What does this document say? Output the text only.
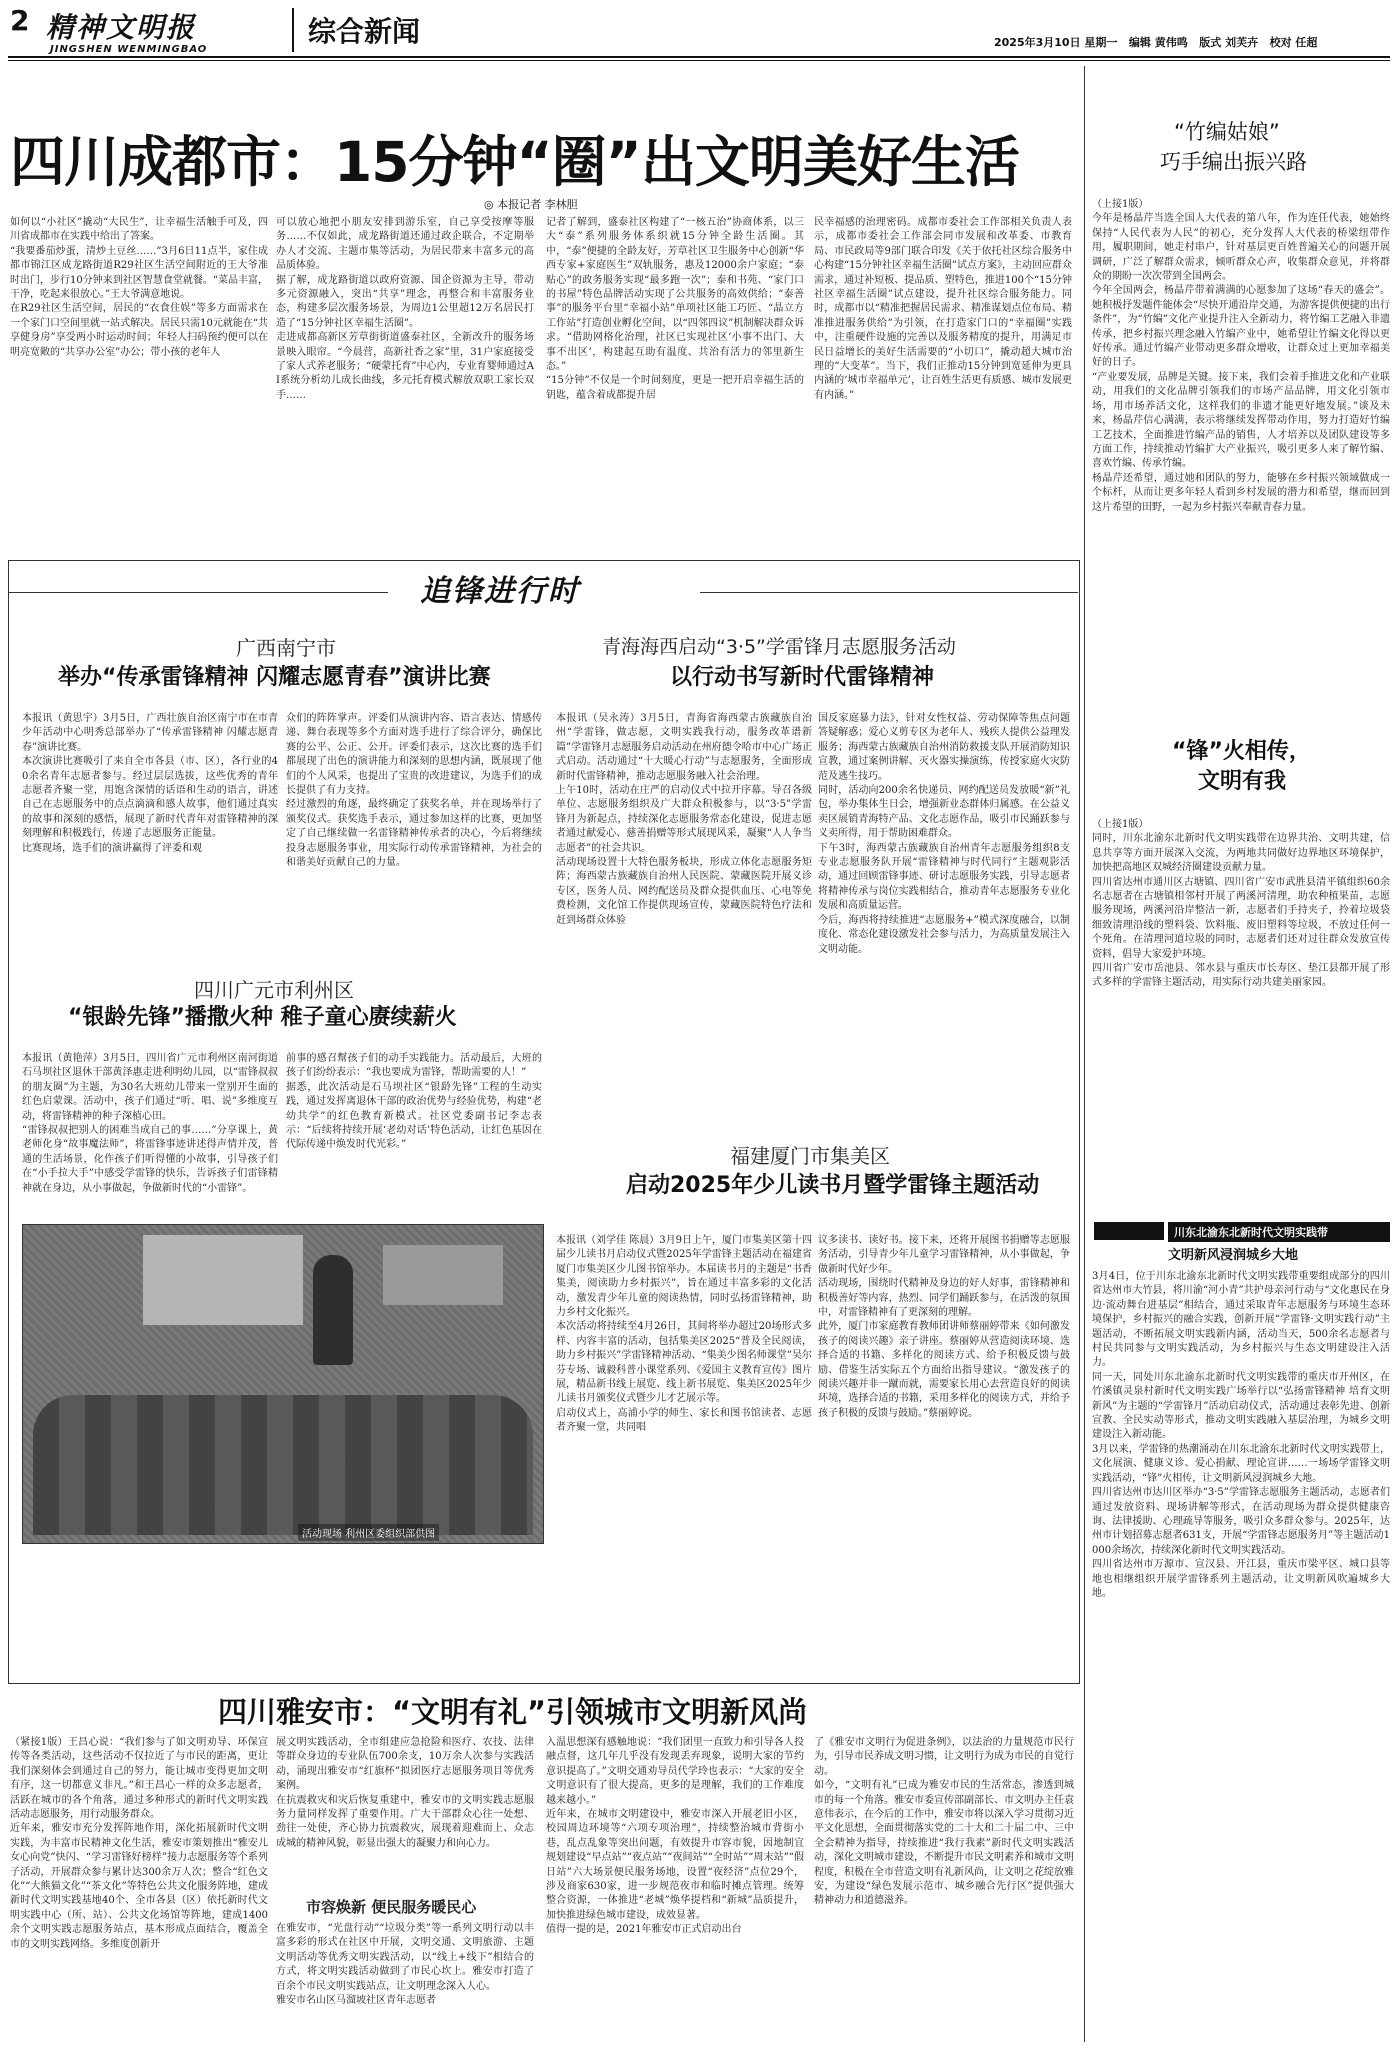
2 精神文明报
JINGSHEN WENMINGBAO
综合新闻	2025年3月10日 星期一 编辑 黄伟鸣 版式 刘芙卉 校对 任超
四川成都市：15分钟“圈”出文明美好生活
◎ 本报记者 李林胆
如何以“小社区”撬动“大民生”，让幸福生活触手可及，四川省成都市在实践中给出了答案。
“我要番茄炒蛋，清炒土豆丝……”3月6日11点半，家住成都市锦江区成龙路街道R29社区生活空间附近的王大爷准时出门，步行10分钟来到社区智慧食堂就餐。“菜品丰富，干净，吃起来很放心。”王大爷满意地说。
在R29社区生活空间，居民的“衣食住娱”等多方面需求在一个家门口空间里就一站式解决。居民只需10元就能在“共享健身房”享受两小时运动时间；年轻人扫码预约便可以在明亮宽敞的“共享办公室”办公；带小孩的老年人
可以放心地把小朋友安排到游乐室，自己享受按摩等服务……不仅如此，成龙路街道还通过政企联合，不定期举办人才交流、主题市集等活动，为居民带来丰富多元的高品质体验。
据了解，成龙路街道以政府资源、国企资源为主导，带动多元资源融入，突出“共享”理念，再整合和丰富服务业态，构建多层次服务场景，为周边1公里超12万名居民打造了“15分钟社区幸福生活圈”。
走进成都高新区芳草街街道盛泰社区，全新改升的服务场景映入眼帘。“今晨营，高新社香之家”里，31户家庭接受了家人式养老服务；“硬蒙托育”中心内，专业育婴师通过AI系统分析幼儿成长曲线，多元托育模式解放双职工家长双手……
记者了解到，盛泰社区构建了“一核五治”协商体系，以三大“泰”系列服务体系织就15分钟全龄生活圈。其中，“泰”便捷的全龄友好，芳草社区卫生服务中心创新“华西专家+家庭医生”双轨服务，惠及12000余户家庭；“泰贴心”的政务服务实现“最多跑一次”；泰和书苑、“家门口的书屋”特色品牌活动实现了公共服务的高效供给；“泰善事”的服务平台里“幸福小站”单项社区能工巧匠、“晶立方工作站”打造创业孵化空间，以“四邻四议”机制解决群众诉求。“借助网格化治理，社区已实现社区‘小事不出门、大事不出区’，构建起互助有温度、共治有活力的邻里新生态。”
“15分钟”不仅是一个时间刻度，更是一把开启幸福生活的钥匙，蕴含着成都提升居
民幸福感的治理密码。成都市委社会工作部相关负责人表示，成都市委社会工作部会同市发展和改革委、市教育局、市民政局等9部门联合印发《关于依托社区综合服务中心构建“15分钟社区幸福生活圈”试点方案》，主动回应群众需求，通过补短板、提品质、塑特色，推进100个“15分钟社区幸福生活圈”试点建设，提升社区综合服务能力。同时，成都市以“精准把握居民需求、精准谋划点位布局、精准推进服务供给”为引领，在打造家门口的“幸福圈”实践中，注重硬件设施的完善以及服务精度的提升，用满足市民日益增长的美好生活需要的“小切口”，撬动超大城市治理的“大变革”。当下，我们正推动15分钟到宽延伸为更具内涵的‘城市幸福单元’，让百姓生活更有质感、城市发展更有内涵。”
追锋进行时
广西南宁市
举办“传承雷锋精神 闪耀志愿青春”演讲比赛
本报讯（黄思宇）3月5日，广西壮族自治区南宁市在市青少年活动中心明秀总部举办了“传承雷锋精神 闪耀志愿青春”演讲比赛。
本次演讲比赛吸引了来自全市各县（市、区），各行业的40余名青年志愿者参与。经过层层选拔，这些优秀的青年志愿者齐聚一堂，用饱含深情的话语和生动的语言，讲述自己在志愿服务中的点点滴滴和感人故事，他们通过真实的故事和深刻的感悟，展现了新时代青年对雷锋精神的深刻理解和积极践行，传递了志愿服务正能量。
比赛现场，选手们的演讲赢得了评委和观
众们的阵阵掌声。评委们从演讲内容、语言表达、情感传递、舞台表现等多个方面对选手进行了综合评分，确保比赛的公平、公正、公开。评委们表示，这次比赛的选手们都展现了出色的演讲能力和深刻的思想内涵，既展现了他们的个人风采，也提出了宝贵的改进建议，为选手们的成长提供了有力支持。
经过激烈的角逐，最终确定了获奖名单，并在现场举行了颁奖仪式。获奖选手表示，通过参加这样的比赛，更加坚定了自己继续做一名雷锋精神传承者的决心，今后将继续投身志愿服务事业，用实际行动传承雷锋精神，为社会的和谐美好贡献自己的力量。
四川广元市利州区
“银龄先锋”播撒火种 稚子童心赓续薪火
本报讯（黄艳萍）3月5日，四川省广元市利州区南河街道石马坝社区退休干部黄泽惠走进利明幼儿园，以“雷锋叔叔的朋友圈”为主题，为30名大班幼儿带来一堂别开生面的红色启蒙课。活动中，孩子们通过“听、唱、说”多维度互动，将雷锋精神的种子深植心田。
“雷锋叔叔把别人的困难当成自己的事……”分享课上，黄老师化身“故事魔法师”，将雷锋事迹讲述得声情并茂，普通的生活场景，化作孩子们听得懂的小故事，引导孩子们在“小手拉大手”中感受学雷锋的快乐，告诉孩子们雷锋精神就在身边，从小事做起，争做新时代的“小雷锋”。
前事的感召幫孩子们的动手实践能力。活动最后，大班的孩子们纷纷表示：“我也要成为雷锋，帮助需要的人！”
据悉，此次活动是石马坝社区“银龄先锋”工程的生动实践，通过发挥离退休干部的政治优势与经验优势，构建“老幼共学”的红色教育新模式。社区党委副书记李志表示：“后续将持续开展‘老幼对话’特色活动，让红色基因在代际传递中焕发时代光彩。”
活动现场 利州区委组织部供图
青海海西启动“3·5”学雷锋月志愿服务活动
以行动书写新时代雷锋精神
本报讯（吴永涛）3月5日，青海省海西蒙古族藏族自治州“学雷锋，做志愿，文明实践我行动，服务改革谱新篇”学雷锋月志愿服务启动活动在州府德令哈市中心广场正式启动。活动通过“十大暖心行动”与志愿服务，全面形成新时代雷锋精神，推动志愿服务融入社会治理。
上午10时，活动在庄严的启动仪式中拉开序幕。导召各级单位、志愿服务组织及广大群众积极参与，以“3·5”学雷锋月为新起点，持续深化志愿服务常态化建设，促进志愿者通过献爱心、慈善捐赠等形式展现风采，凝聚“人人争当志愿者”的社会共识。
活动现场设置十大特色服务板块，形成立体化志愿服务矩阵；海西蒙古族藏族自治州人民医院、蒙藏医院开展义诊专区，医务人员、网约配送员及群众提供血压、心电等免费检测，文化馆工作提供现场宣传，蒙藏医院特色疗法和赶到场群众体验
国反家庭暴力法》，针对女性权益、劳动保障等焦点问题答疑解惑；爱心义剪专区为老年人、残疾人提供公益理发服务；海西蒙古族藏族自治州消防救援支队开展消防知识宣教，通过案例讲解、灭火器实操演练，传授家庭火灾防范及逃生技巧。
同时，活动向200余名快递员、网约配送员发放暖“新”礼包，举办集体生日会，增强新业态群体归属感。在公益义卖区展销青海特产品、文化志愿作品，吸引市民踊跃参与义卖所得，用于帮助困难群众。
下午3时，海西蒙古族藏族自治州青年志愿服务组织8支专业志愿服务队开展“雷锋精神与时代同行”主题观影活动，通过回顾雷锋事迹、研讨志愿服务实践，引导志愿者将精神传承与岗位实践相结合，推动青年志愿服务专业化发展和高质量运营。
今后，海西将持续推进“志愿服务+”模式深度融合，以制度化、常态化建设激发社会参与活力，为高质量发展注入文明动能。
福建厦门市集美区
启动2025年少儿读书月暨学雷锋主题活动
本报讯（刘学佳 陈晨）3月9日上午，厦门市集美区第十四届少儿读书月启动仪式暨2025年学雷锋主题活动在福建省厦门市集美区少儿图书馆举办。本届读书月的主题是“书香集美，阅读助力乡村振兴”，旨在通过丰富多彩的文化活动，激发青少年儿童的阅读热情，同时弘扬雷锋精神，助力乡村文化振兴。
本次活动将持续至4月26日，其间将举办超过20场形式多样、内容丰富的活动，包括集美区2025“普及全民阅读，助力乡村振兴”学雷锋精神活动、“集美少图名师课堂”吴尔芬专场、诚毅科普小课堂系列、《爱国主义教育宣传》图片展，精品新书线上展览、线上新书展览、集美区2025年少儿读书月颁奖仪式暨少儿才艺展示等。
启动仪式上，高浦小学的师生、家长和图书馆读者、志愿者齐聚一堂，共同唱
议多读书、读好书。接下来，还将开展图书捐赠等志愿服务活动，引导青少年儿童学习雷锋精神，从小事做起，争做新时代好少年。
活动现场，围绕时代精神及身边的好人好事，雷锋精神和积极善好等内容，热烈、同学们踊跃参与，在活泼的氛围中，对雷锋精神有了更深刻的理解。
此外，厦门市家庭教育教师团讲师蔡丽婷带来《如何激发孩子的阅读兴趣》亲子讲座。蔡丽婷从营造阅读环境、选择合适的书籍、多样化的阅读方式、给予积极反馈与鼓励、借鉴生活实际五个方面给出指导建议。“激发孩子的阅读兴趣并非一蹴而就，需要家长用心去营造良好的阅读环境，选择合适的书籍，采用多样化的阅读方式，并给予孩子积极的反馈与鼓励。”蔡丽婷说。
四川雅安市：“文明有礼”引领城市文明新风尚
（紧接1版）王昌心说：“我们参与了如文明劝导、环保宣传等各类活动，这些活动不仅拉近了与市民的距离，更让我们深刻体会到通过自己的努力，能让城市变得更加文明有序，这一切都意义非凡。”和王昌心一样的众多志愿者，活跃在城市的各个角落，通过多种形式的新时代文明实践活动志愿服务，用行动服务群众。
近年来，雅安市充分发挥阵地作用，深化拓展新时代文明实践，为丰富市民精神文化生活，雅安市策划推出“雅安儿女心向党”快闪、“学习雷锋好榜样”接力志愿服务等个系列子活动，开展群众参与累计达300余万人次；整合“红色文化”“大熊猫文化”“茶文化”等特色公共文化服务阵地，建成新时代文明实践基地40个、全市各县（区）依托新时代文明实践中心（所、站）、公共文化场馆等阵地，建成1400余个文明实践志愿服务站点，基本形成点面结合，覆盖全市的文明实践网络。多维度创新开
展文明实践活动，全市组建应急抢险和医疗、农技、法律等群众身边的专业队伍700余支，10万余人次参与实践活动，涌现出雅安市“红旗杯”拟团医疗志愿服务项目等优秀案例。
在抗震救灾和灾后恢复重建中，雅安市的文明实践志愿服务力量同样发挥了重要作用。广大干部群众心往一处想、劲往一处使，齐心协力抗震救灾，展现着迎难而上、众志成城的精神风貌，彰显出强大的凝聚力和向心力。
市容焕新 便民服务暖民心
在雅安市，“光盘行动”“垃圾分类”等一系列文明行动以丰富多彩的形式在社区中开展，文明交通、文明旅游、主题文明活动等优秀文明实践活动，以“线上+线下”相结合的方式，将文明实践活动做到了市民心坎上。雅安市打造了百余个市民文明实践站点，让文明理念深入人心。
雅安市名山区马溜坡社区青年志愿者
入温思想深有感触地说：“我们团里一直致力和引导各人投融点督，这几年几乎没有发现丢弃现象，说明大家的节约意识提高了。”文明交通劝导员代学玲也表示：“大家的安全文明意识有了很大提高，更多的是理解，我们的工作难度越来越小。”
近年来，在城市文明建设中，雅安市深入开展老旧小区，校园周边环境等“六项专项治理”，持续整治城市背街小巷，乱点乱象等突出问题，有效提升市容市貌，因地制宜规划建设“早点站”“夜点站”“夜间站”“全时站”“周末站”“假日站”六大场景便民服务场地，设置“夜经济”点位29个，涉及商家630家，进一步规范夜市和临时摊点管理。统筹整合资源，一体推进“老城”焕华提档和“新城”品质提升，加快推进绿色城市建设，成效显著。
值得一提的是，2021年雅安市正式启动出台
了《雅安市文明行为促进条例》，以法治的力量规范市民行为，引导市民养成文明习惯，让文明行为成为市民的自觉行动。
如今，“文明有礼”已成为雅安市民的生活常态，渗透到城市的每一个角落。雅安市委宣传部副部长、市文明办主任袁意伟表示，在今后的工作中，雅安市将以深入学习贯彻习近平文化思想，全面贯彻落实党的二十大和二十届二中、三中全会精神为指导，持续推进“我行我素”新时代文明实践活动，深化文明城市建设，不断提升市民文明素养和城市文明程度，积极在全市营造文明有礼新风尚，让文明之花绽放雅安，为建设“绿色发展示范市、城乡融合先行区”提供强大精神动力和道德滋养。
“竹编姑娘”
巧手编出振兴路
（上接1版）
今年是杨晶芹当选全国人大代表的第八年，作为连任代表，她始终保持“人民代表为人民”的初心，充分发挥人大代表的桥梁纽带作用，履职期间，她走村串户，针对基层更百姓普遍关心的问题开展调研，广泛了解群众需求，倾听群众心声，收集群众意见，并将群众的期盼一次次带到全国两会。
今年全国两会，杨晶芹带着满满的心愿参加了这场“春天的盛会”。她积极抒发题件能体会“尽快开通沿岸交通，为游客提供便捷的出行条件”，为“竹编”文化产业提升注入全新动力，将竹编工艺融入非遗传承，把乡村振兴理念融入竹编产业中，她希望让竹编文化得以更好传承。通过竹编产业带动更多群众增收，让群众过上更加幸福美好的日子。
“产业要发展，品牌是关键。接下来，我们会着手推进文化和产业联动，用我们的文化品牌引领我们的市场产品品牌，用文化引领市场，用市场养活文化，这样我们的非遗才能更好地发展。”谈及未来，杨晶芹信心满满，表示将继续发挥带动作用，努力打造好竹编工艺技术，全面推进竹编产品的销售，人才培养以及团队建设等多方面工作，持续推动竹编扩大产业振兴，吸引更多人来了解竹编、喜欢竹编、传承竹编。
杨晶芹还希望，通过她和团队的努力，能够在乡村振兴领域做成一个标杆，从而让更多年轻人看到乡村发展的潜力和希望，继而回到这片希望的田野，一起为乡村振兴奉献青春力量。
“锋”火相传，
文明有我
（上接1版）
同时，川东北渝东北新时代文明实践带在边界共治、文明共建，信息共享等方面开展深入交流，为两地共同做好边界地区环境保护，加快把高地区双城经济圈建设贡献力量。
四川省达州市通川区古塘镇、四川省广安市武胜县清平镇组织60余名志愿者在古塘镇相邻村开展了两溪河清理，助农种植果苗，志愿服务现场，两溪河沿岸整洁一新，志愿者们手持夹子，拎着垃圾袋细致清理沿线的塑料袋、饮料瓶、废旧塑料等垃圾，不放过任何一个死角。在清理河道垃圾的同时，志愿者们还对过往群众发放宣传资料，倡导大家爱护环境。
四川省广安市岳池县、邻水县与重庆市长寿区、垫江县都开展了形式多样的学雷锋主题活动，用实际行动共建美丽家园。
川东北渝东北新时代文明实践带
文明新风浸润城乡大地
3月4日，位于川东北渝东北新时代文明实践带重要组成部分的四川省达州市大竹县，将川渝“河小青”共护母亲河行动与“文化惠民在身边·流动舞台进基层”相结合，通过采取青年志愿服务与环境生态环境保护，乡村振兴的融合实践，创新开展“学雷锋·文明实践行动”主题活动，不断拓展文明实践新内涵，活动当天，500余名志愿者与村民共同参与文明实践活动，为乡村振兴与生态文明建设注入活力。
同一天，同处川东北渝东北新时代文明实践带的重庆市开州区，在竹溪镇灵泉村新时代文明实践广场举行以“弘扬雷锋精神 培育文明新风”为主题的“学雷锋月”活动启动仪式，活动通过表彰先进、创新宣教、全民实动等形式，推动文明实践融入基层治理，为城乡文明建设注入新动能。
3月以来，学雷锋的热潮涌动在川东北渝东北新时代文明实践带上，文化展演、健康义诊、爱心捐献、理论宣讲……一场场学雷锋文明实践活动，“锋”火相传，让文明新风浸润城乡大地。
四川省达州市达川区举办“3·5”学雷锋志愿服务主题活动，志愿者们通过发放资料、现场讲解等形式，在活动现场为群众提供健康咨询、法律援助、心理疏导等服务，吸引众多群众参与。2025年，达州市计划招募志愿者631支，开展“学雷锋志愿服务月”等主题活动1000余场次，持续深化新时代文明实践活动。
四川省达州市万源市、宣汉县、开江县，重庆市梁平区、城口县等地也相继组织开展学雷锋系列主题活动，让文明新风吹遍城乡大地。
